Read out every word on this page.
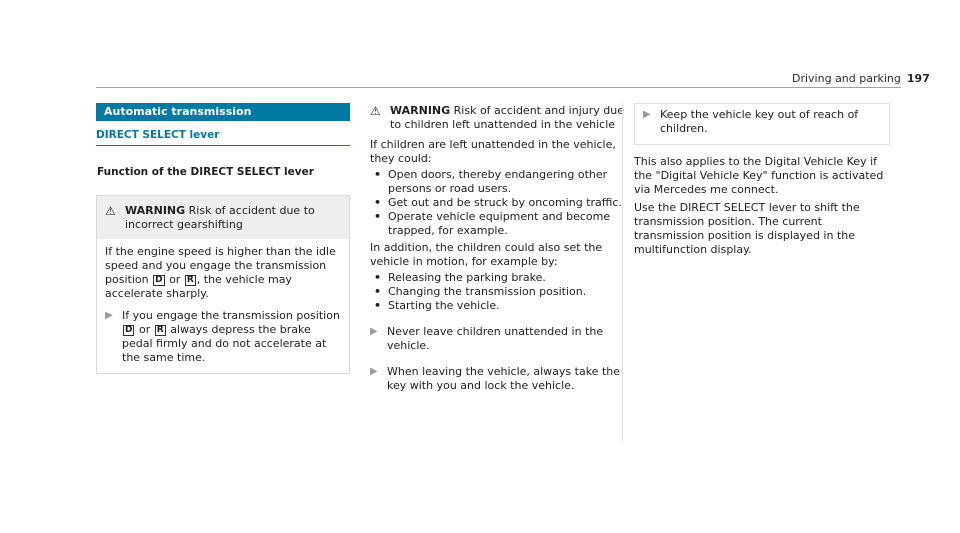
Driving and parking 197
Automatic transmission
DIRECT SELECT lever
Function of the DIRECT SELECT lever
⚠ WARNING Risk of accident due to incorrect gearshifting

If the engine speed is higher than the idle speed and you engage the transmission position D or R , the vehicle may accelerate sharply.

▶ If you engage the transmission position D or R always depress the brake pedal firmly and do not accelerate at the same time.
⚠ WARNING Risk of accident and injury due to children left unattended in the vehicle

If children are left unattended in the vehicle, they could:

• Open doors, thereby endangering other persons or road users.
• Get out and be struck by oncoming traffic.
• Operate vehicle equipment and become trapped, for example.

In addition, the children could also set the vehicle in motion, for example by:

• Releasing the parking brake.
• Changing the transmission position.
• Starting the vehicle.
▶ Never leave children unattended in the vehicle.
▶ When leaving the vehicle, always take the key with you and lock the vehicle.
▶ Keep the vehicle key out of reach of children.

This also applies to the Digital Vehicle Key if the "Digital Vehicle Key" function is activated via Mercedes me connect.

Use the DIRECT SELECT lever to shift the transmission position. The current transmission position is displayed in the multifunction display.
